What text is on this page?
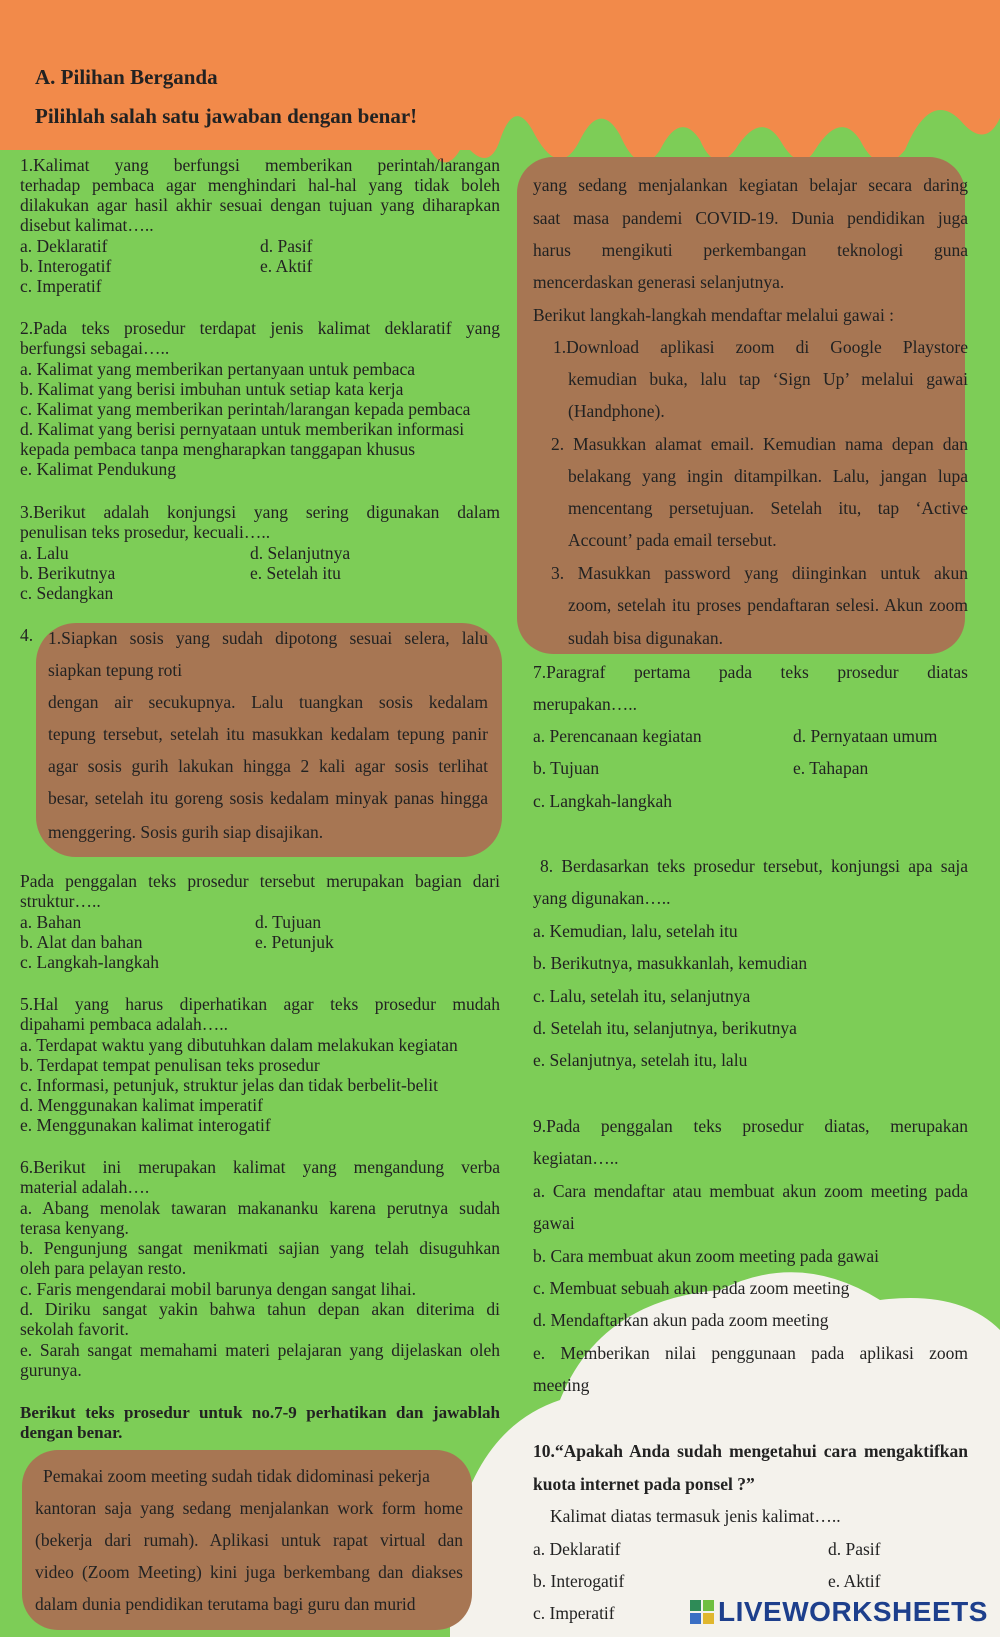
A. Pilihan Berganda
Pilihlah salah satu jawaban dengan benar!
1.Kalimat yang berfungsi memberikan perintah/larangan
terhadap pembaca agar menghindari hal-hal yang tidak boleh
dilakukan agar hasil akhir sesuai dengan tujuan yang diharapkan
disebut kalimat…..
a. Deklaratif
b. Interogatif
c. Imperatif
d. Pasif
e. Aktif
2.Pada teks prosedur terdapat jenis kalimat deklaratif yang
berfungsi sebagai…..
a. Kalimat yang memberikan pertanyaan untuk pembaca
b. Kalimat yang berisi imbuhan untuk setiap kata kerja
c. Kalimat yang memberikan perintah/larangan kepada pembaca
d. Kalimat yang berisi pernyataan untuk memberikan informasi
kepada pembaca tanpa mengharapkan tanggapan khusus
e. Kalimat Pendukung
3.Berikut adalah konjungsi yang sering digunakan dalam
penulisan teks prosedur, kecuali…..
a. Lalu
b. Berikutnya
c. Sedangkan
d. Selanjutnya
e. Setelah itu
4. 1.Siapkan sosis yang sudah dipotong sesuai selera, lalu
siapkan tepung roti
dengan air secukupnya. Lalu tuangkan sosis kedalam
tepung tersebut, setelah itu masukkan kedalam tepung panir
agar sosis gurih lakukan hingga 2 kali agar sosis terlihat
besar, setelah itu goreng sosis kedalam minyak panas hingga
menggering. Sosis gurih siap disajikan.
Pada penggalan teks prosedur tersebut merupakan bagian dari
struktur…..
a. Bahan
b. Alat dan bahan
c. Langkah-langkah
d. Tujuan
e. Petunjuk
5.Hal yang harus diperhatikan agar teks prosedur mudah
dipahami pembaca adalah…..
a. Terdapat waktu yang dibutuhkan dalam melakukan kegiatan
b. Terdapat tempat penulisan teks prosedur
c. Informasi, petunjuk, struktur jelas dan tidak berbelit-belit
d. Menggunakan kalimat imperatif
e. Menggunakan kalimat interogatif
6.Berikut ini merupakan kalimat yang mengandung verba
material adalah….
a. Abang menolak tawaran makananku karena perutnya sudah
terasa kenyang.
b. Pengunjung sangat menikmati sajian yang telah disuguhkan
oleh para pelayan resto.
c. Faris mengendarai mobil barunya dengan sangat lihai.
d. Diriku sangat yakin bahwa tahun depan akan diterima di
sekolah favorit.
e. Sarah sangat memahami materi pelajaran yang dijelaskan oleh
gurunya.
Berikut teks prosedur untuk no.7-9 perhatikan dan jawablah
dengan benar.
Pemakai zoom meeting sudah tidak didominasi pekerja
kantoran saja yang sedang menjalankan work form home
(bekerja dari rumah). Aplikasi untuk rapat virtual dan
video (Zoom Meeting) kini juga berkembang dan diakses
dalam dunia pendidikan terutama bagi guru dan murid
yang sedang menjalankan kegiatan belajar secara daring
saat masa pandemi COVID-19. Dunia pendidikan juga
harus mengikuti perkembangan teknologi guna
mencerdaskan generasi selanjutnya.
Berikut langkah-langkah mendaftar melalui gawai :
1.Download aplikasi zoom di Google Playstore
kemudian buka, lalu tap ‘Sign Up’ melalui gawai
(Handphone).
2. Masukkan alamat email. Kemudian nama depan dan
belakang yang ingin ditampilkan. Lalu, jangan lupa
mencentang persetujuan. Setelah itu, tap ‘Active
Account’ pada email tersebut.
3. Masukkan password yang diinginkan untuk akun
zoom, setelah itu proses pendaftaran selesi. Akun zoom
sudah bisa digunakan.
7.Paragraf pertama pada teks prosedur diatas
merupakan…..
a. Perencanaan kegiatan
b. Tujuan
c. Langkah-langkah
d. Pernyataan umum
e. Tahapan
8. Berdasarkan teks prosedur tersebut, konjungsi apa saja
yang digunakan…..
a. Kemudian, lalu, setelah itu
b. Berikutnya, masukkanlah, kemudian
c. Lalu, setelah itu, selanjutnya
d. Setelah itu, selanjutnya, berikutnya
e. Selanjutnya, setelah itu, lalu
9.Pada penggalan teks prosedur diatas, merupakan
kegiatan…..
a. Cara mendaftar atau membuat akun zoom meeting pada
gawai
b. Cara membuat akun zoom meeting pada gawai
c. Membuat sebuah akun pada zoom meeting
d. Mendaftarkan akun pada zoom meeting
e. Memberikan nilai penggunaan pada aplikasi zoom
meeting
10.“Apakah Anda sudah mengetahui cara mengaktifkan
kuota internet pada ponsel ?”
Kalimat diatas termasuk jenis kalimat…..
a. Deklaratif
b. Interogatif
c. Imperatif
d. Pasif
e. Aktif
LIVEWORKSHEETS
